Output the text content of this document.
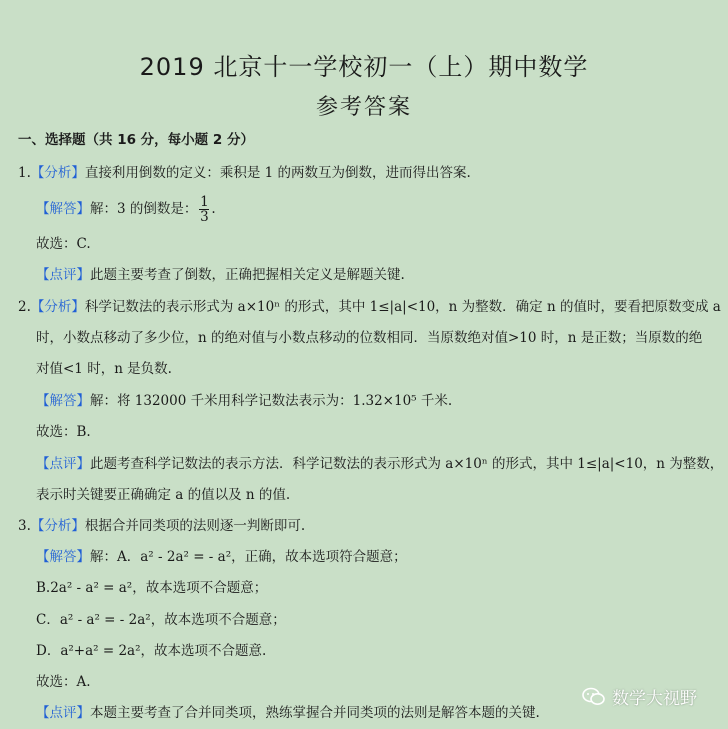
2019 北京十一学校初一（上）期中数学
参考答案
一、选择题（共 16 分，每小题 2 分）
1.【分析】直接利用倒数的定义：乘积是 1 的两数互为倒数，进而得出答案.
【解答】解：3 的倒数是： $\frac{1}{3}$ .
故选：C.
【点评】此题主要考查了倒数，正确把握相关定义是解题关键.
2.【分析】科学记数法的表示形式为 a×10ⁿ 的形式，其中 1≤|a|<10，n 为整数．确定 n 的值时，要看把原数变成 a
时，小数点移动了多少位，n 的绝对值与小数点移动的位数相同．当原数绝对值>10 时，n 是正数；当原数的绝
对值<1 时，n 是负数.
【解答】解：将 132000 千米用科学记数法表示为：1.32×10⁵ 千米.
故选：B.
【点评】此题考查科学记数法的表示方法．科学记数法的表示形式为 a×10ⁿ 的形式，其中 1≤|a|<10，n 为整数，
表示时关键要正确确定 a 的值以及 n 的值.
3.【分析】根据合并同类项的法则逐一判断即可.
【解答】解：A．a² - 2a² = - a²，正确，故本选项符合题意；
B.2a² - a² = a²，故本选项不合题意；
C．a² - a² = - 2a²，故本选项不合题意；
D．a²+a² = 2a²，故本选项不合题意.
故选：A.
【点评】本题主要考查了合并同类项，熟练掌握合并同类项的法则是解答本题的关键.
数学大视野
